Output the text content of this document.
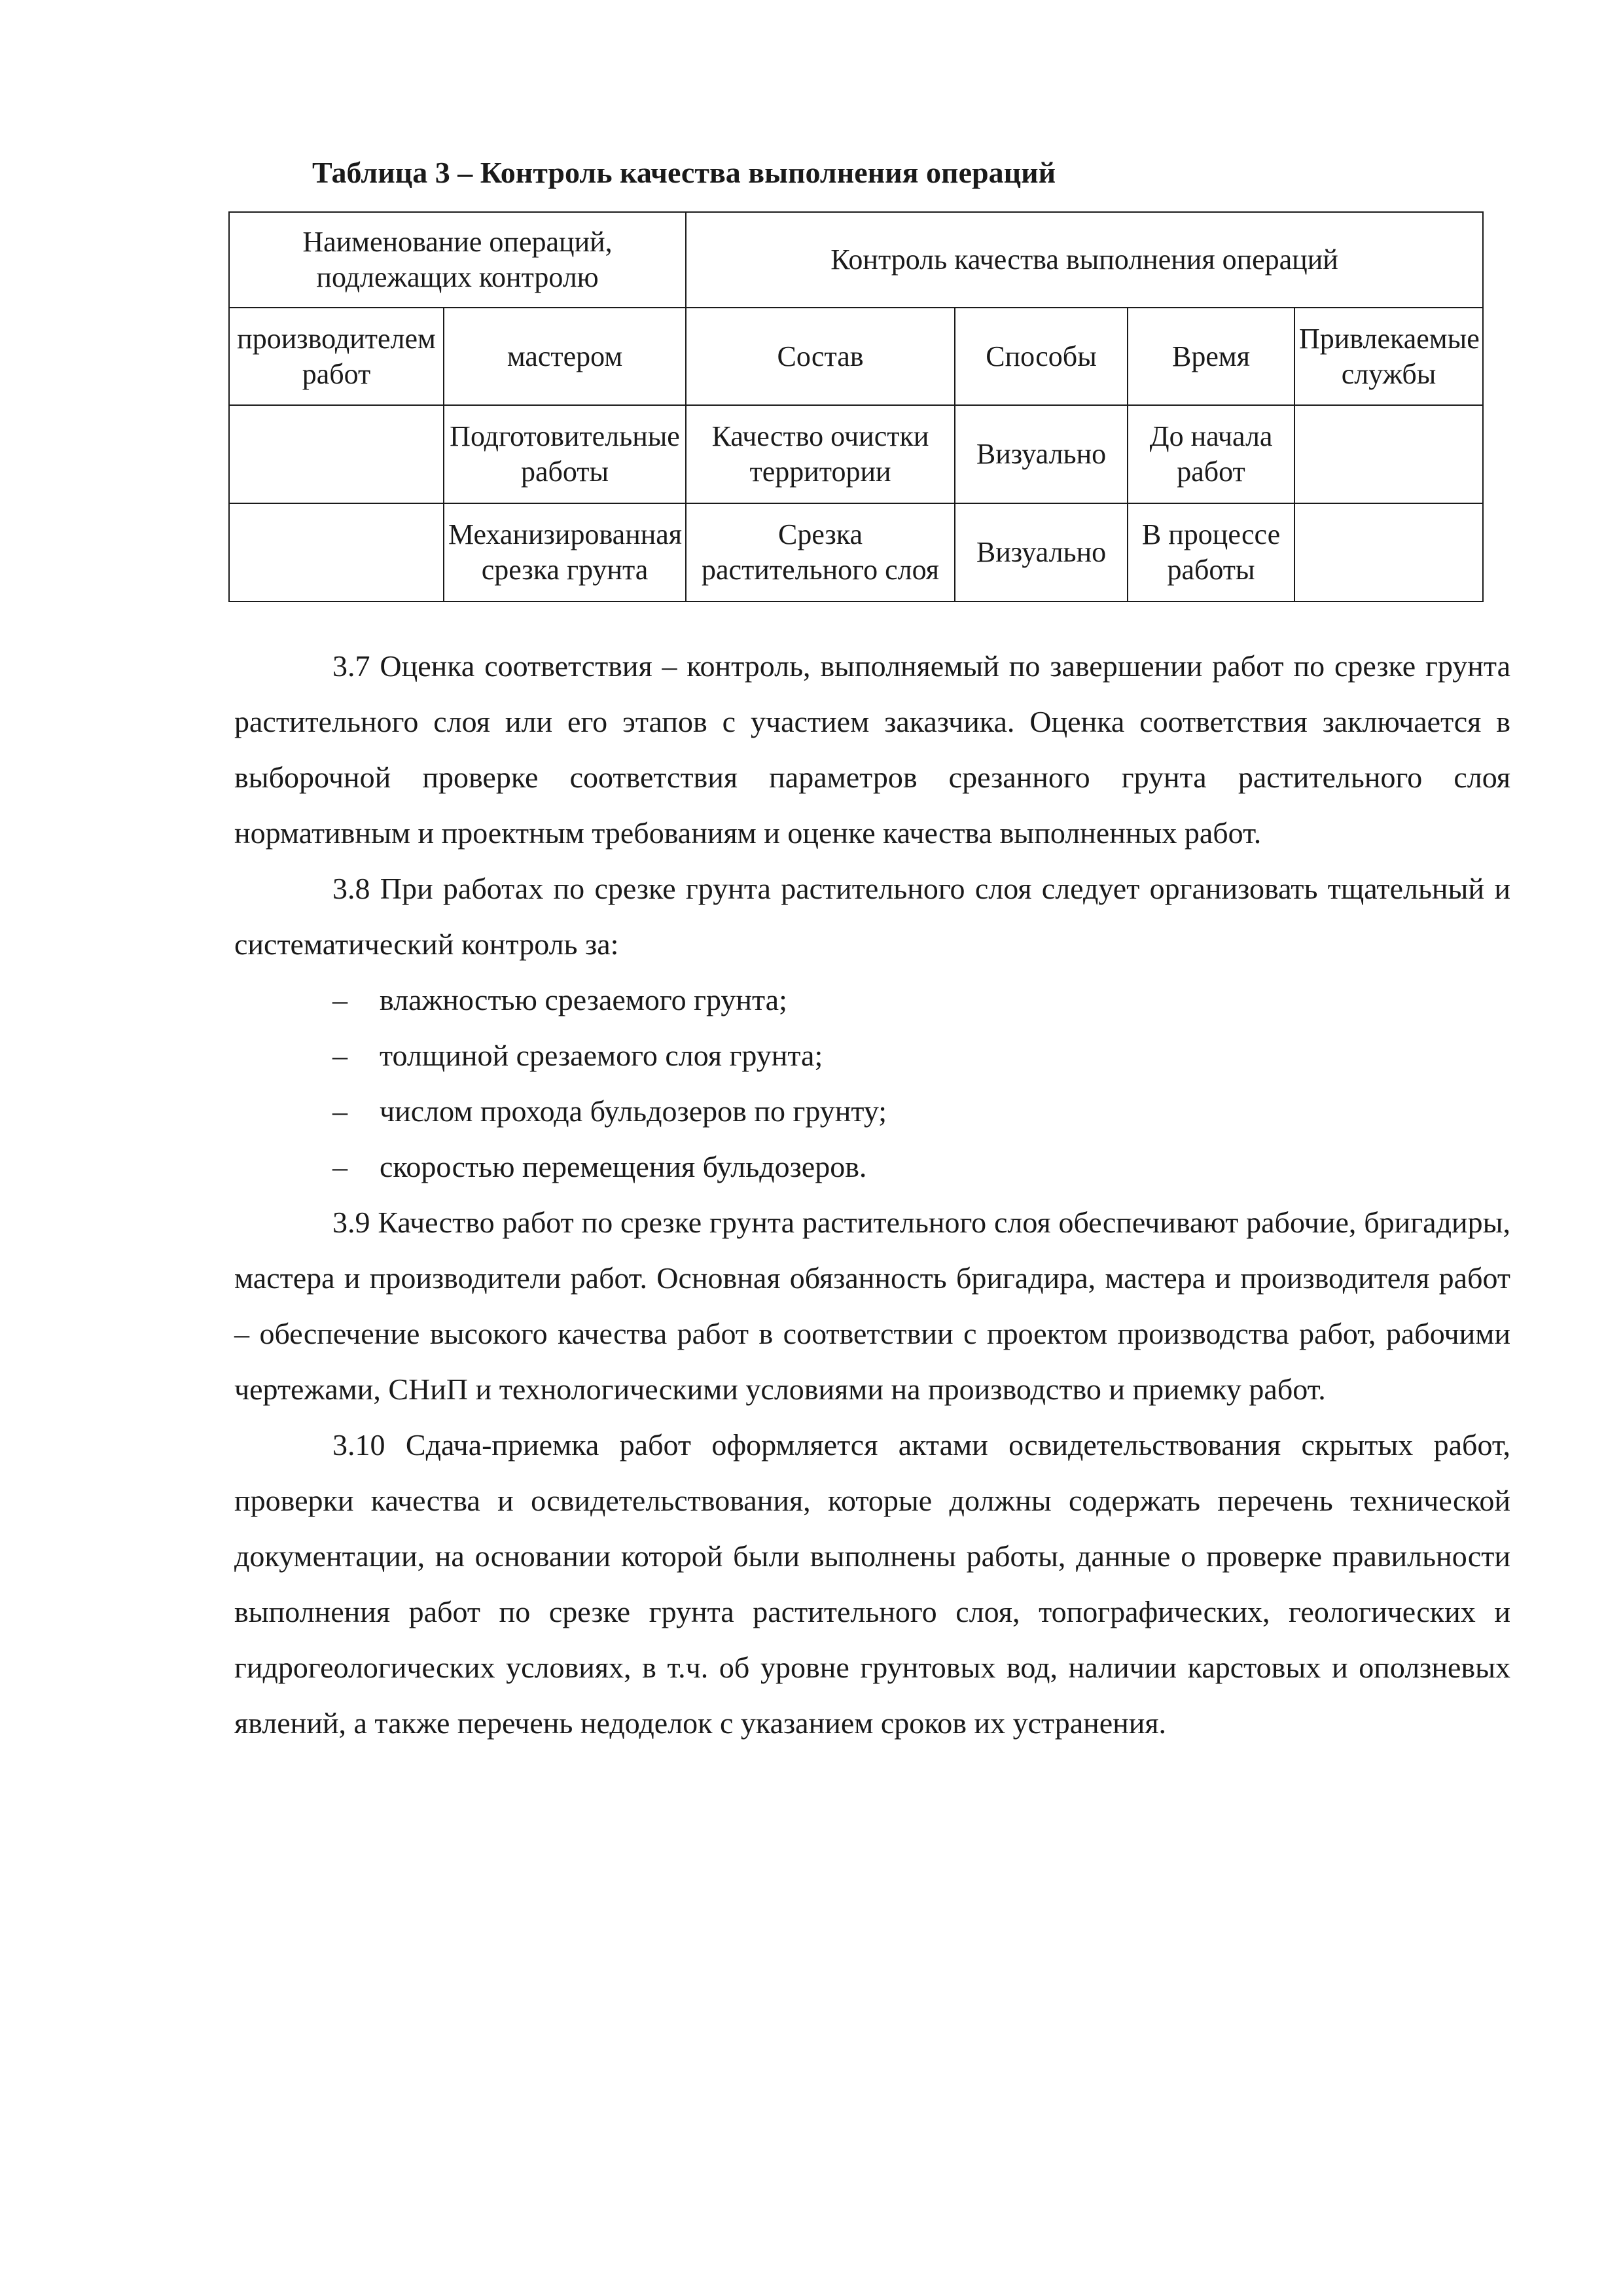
Таблица 3 – Контроль качества выполнения операций
Наименование операций, подлежащих контролю		Контроль качества выполнения операций			

производителем работ	мастером	Состав	Способы	Время	Привлекаемые службы

	Подготовительные работы	Качество очистки территории	Визуально	До начала работ	

	Механизированная срезка грунта	Срезка растительного слоя	Визуально	В процессе работы	

3.7 Оценка соответствия – контроль, выполняемый по завершении работ по срезке грунта растительного слоя или его этапов с участием заказчика. Оценка соответствия заключается в выборочной проверке соответствия параметров срезанного грунта растительного слоя нормативным и проектным требованиям и оценке качества выполненных работ.

3.8 При работах по срезке грунта растительного слоя следует организовать тщательный и систематический контроль за:

– влажностью срезаемого грунта;
– толщиной срезаемого слоя грунта;
– числом прохода бульдозеров по грунту;
– скоростью перемещения бульдозеров.

3.9 Качество работ по срезке грунта растительного слоя обеспечивают рабочие, бригадиры, мастера и производители работ. Основная обязанность бригадира, мастера и производителя работ – обеспечение высокого качества работ в соответствии с проектом производства работ, рабочими чертежами, СНиП и технологическими условиями на производство и приемку работ.

3.10 Сдача-приемка работ оформляется актами освидетельствования скрытых работ, проверки качества и освидетельствования, которые должны содержать перечень технической документации, на основании которой были выполнены работы, данные о проверке правильности выполнения работ по срезке грунта растительного слоя, топографических, геологических и гидрогеологических условиях, в т.ч. об уровне грунтовых вод, наличии карстовых и оползневых явлений, а также перечень недоделок с указанием сроков их устранения.
